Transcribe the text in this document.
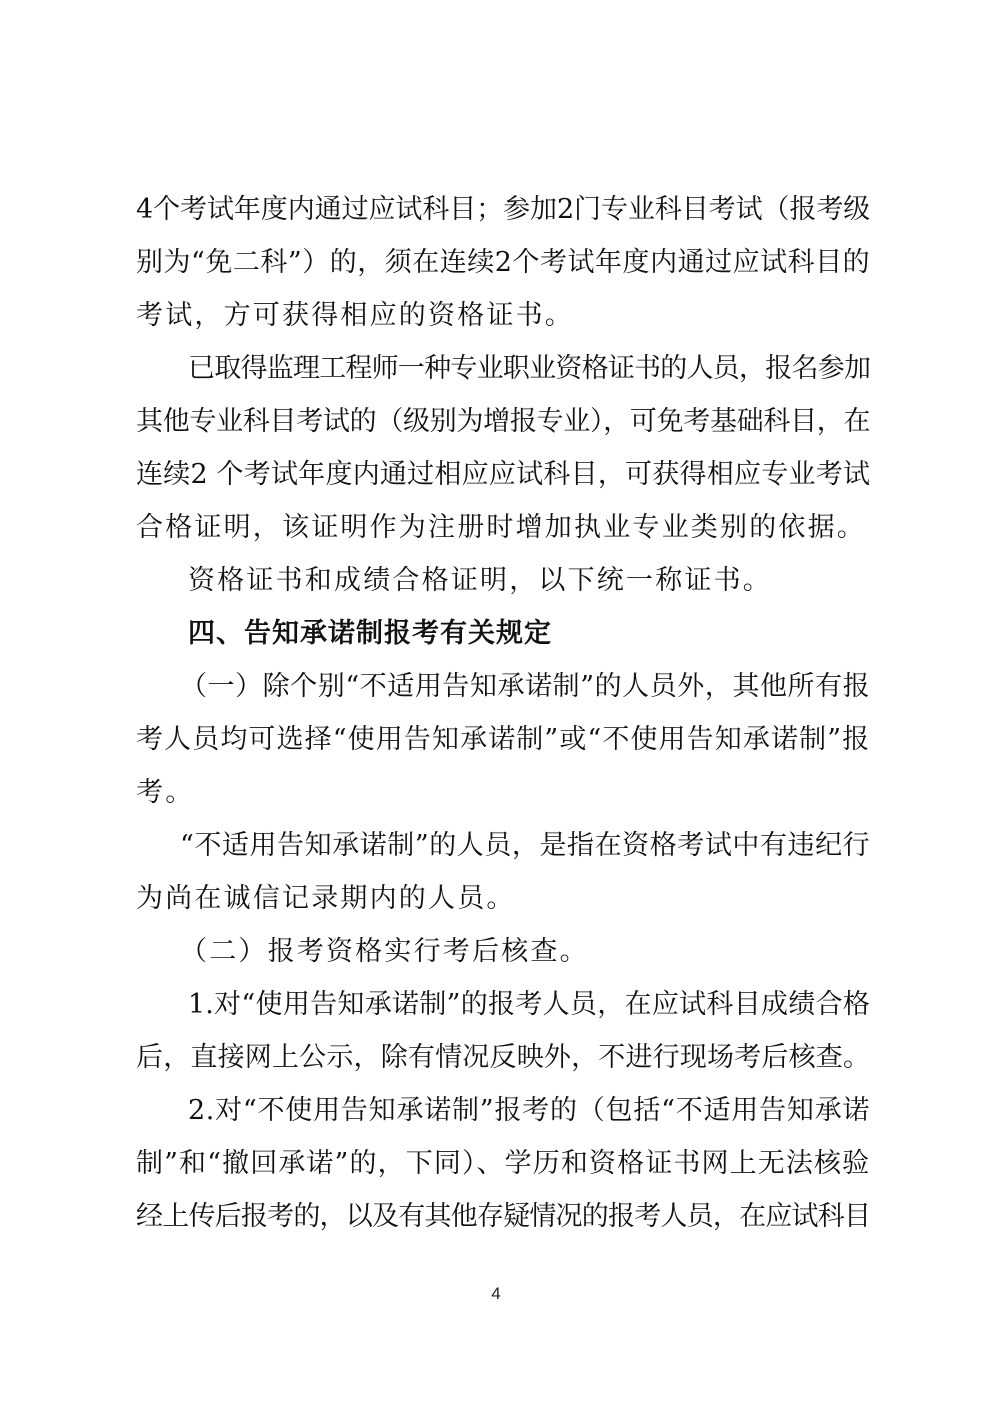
4个考试年度内通过应试科目；参加2门专业科目考试（报考级
别为“免二科”）的，须在连续2个考试年度内通过应试科目的
考试，方可获得相应的资格证书。
已取得监理工程师一种专业职业资格证书的人员，报名参加
其他专业科目考试的（级别为增报专业），可免考基础科目，在
连续2 个考试年度内通过相应应试科目，可获得相应专业考试
合格证明，该证明作为注册时增加执业专业类别的依据。
资格证书和成绩合格证明，以下统一称证书。
四、告知承诺制报考有关规定
（一）除个别“不适用告知承诺制”的人员外，其他所有报
考人员均可选择“使用告知承诺制”或“不使用告知承诺制”报
考。
“不适用告知承诺制”的人员，是指在资格考试中有违纪行
为尚在诚信记录期内的人员。
（二）报考资格实行考后核查。
1.对“使用告知承诺制”的报考人员，在应试科目成绩合格
后，直接网上公示，除有情况反映外，不进行现场考后核查。
2.对“不使用告知承诺制”报考的（包括“不适用告知承诺
制”和“撤回承诺”的，下同）、学历和资格证书网上无法核验
经上传后报考的，以及有其他存疑情况的报考人员，在应试科目
4
